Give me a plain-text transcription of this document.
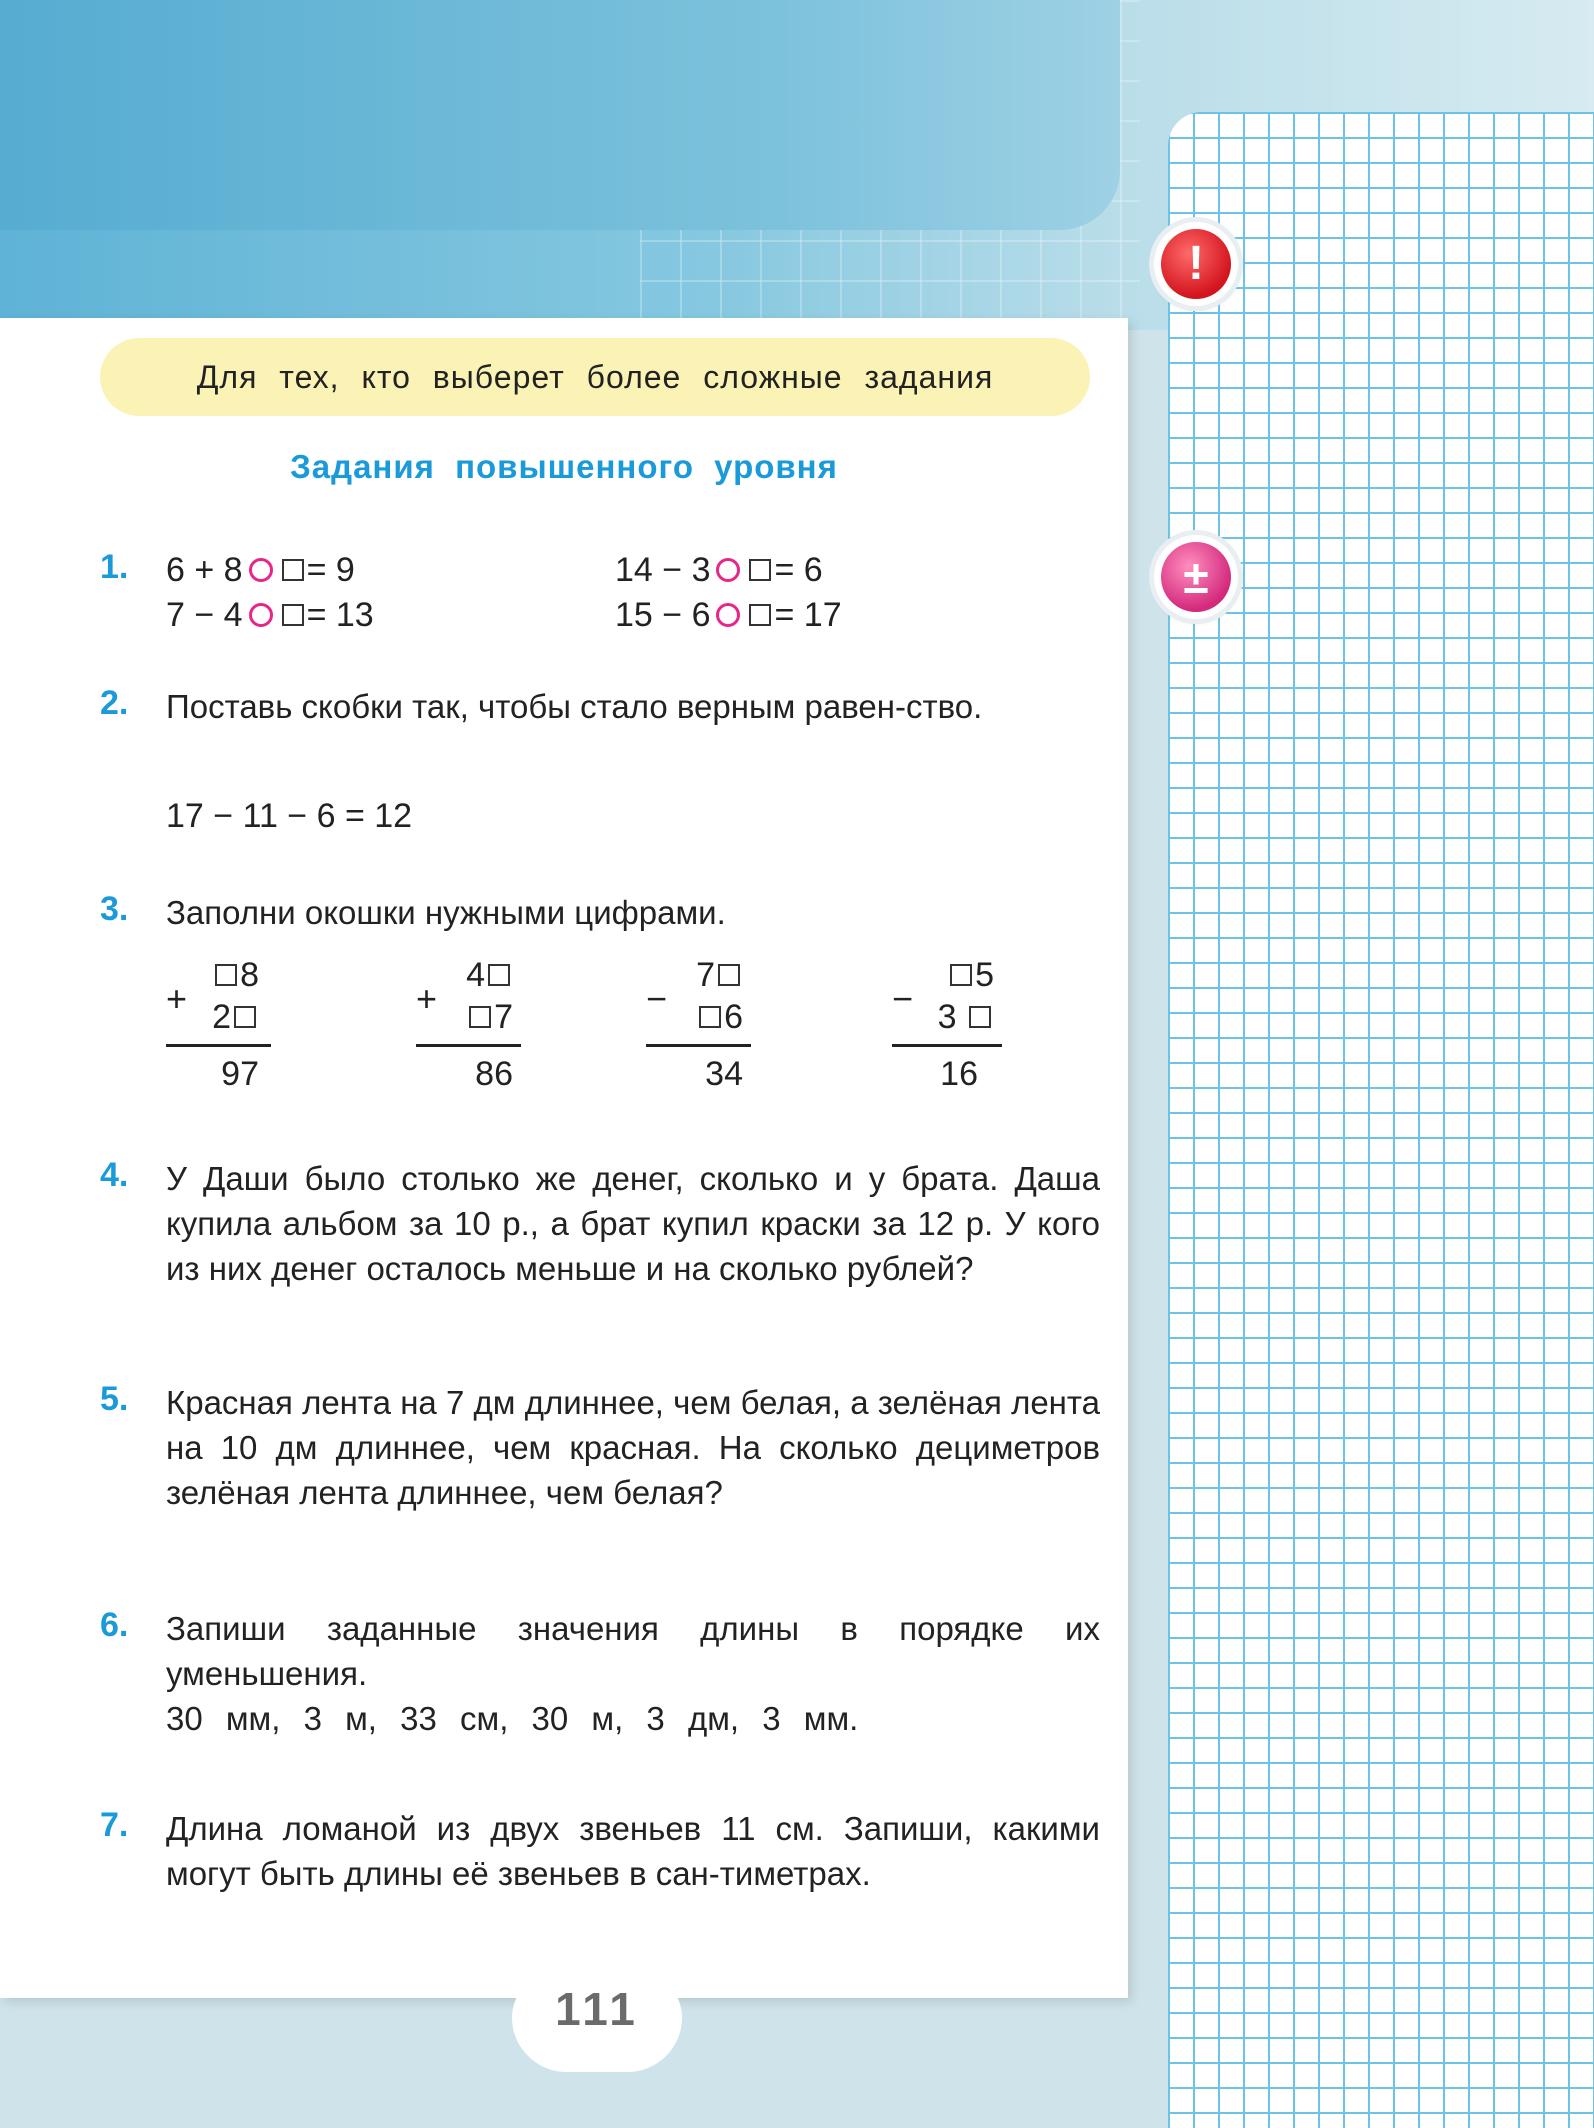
!
±
Для тех, кто выберет более сложные задания
Задания повышенного уровня
1. 6 + 8 = 9
7 − 4 = 13
14 − 3 = 6
15 − 6 = 17
2. Поставь скобки так, чтобы стало верным равен-ство.
17 − 11 − 6 = 12
3. Заполни окошки нужными цифрами.
+
8
2
97
+
4
7
86
−
7
6
34
−
5
3
16
4. У Даши было столько же денег, сколько и у брата. Даша купила альбом за 10 р., а брат купил краски за 12 р. У кого из них денег осталось меньше и на сколько рублей?
5. Красная лента на 7 дм длиннее, чем белая, а зелёная лента на 10 дм длиннее, чем красная. На сколько дециметров зелёная лента длиннее, чем белая?
6. Запиши заданные значения длины в порядке их уменьшения.
30 мм, 3 м, 33 см, 30 м, 3 дм, 3 мм.
7. Длина ломаной из двух звеньев 11 см. Запиши, какими могут быть длины её звеньев в сан-тиметрах.
111
